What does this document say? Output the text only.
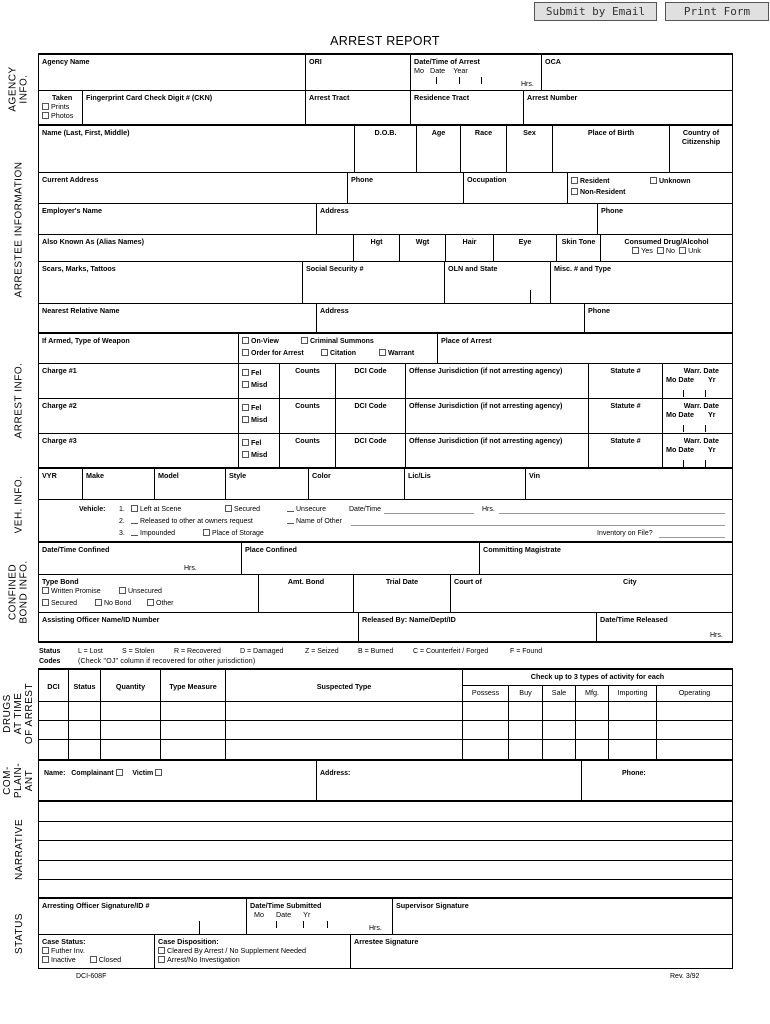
Submit by Email	Print Form
ARREST REPORT
AGENCY
INFO.
Agency Name	ORI	Date/Time of Arrest
Mo Date Year
Hrs.
OCA
Taken
Prints
Photos
Fingerprint Card Check Digit # (CKN)	Arrest Tract	Residence Tract	Arrest Number
ARRESTEE INFORMATION
Name (Last, First, Middle)	D.O.B.	Age	Race	Sex	Place of Birth	Country of Citizenship
Current Address	Phone	Occupation	Resident	Unknown
Non-Resident
Employer's Name	Address	Phone
Also Known As (Alias Names)	Hgt	Wgt	Hair	Eye	Skin Tone	Consumed Drug/Alcohol
Yes No Unk
Scars, Marks, Tattoos	Social Security #	OLN and State	Misc. # and Type
Nearest Relative Name	Address	Phone
ARREST INFO.
If Armed, Type of Weapon	On-View	Criminal Summons
Order for Arrest	Citation	Warrant
Place of Arrest
Charge #1	Fel
Misd
Counts	DCI Code	Offense Jurisdiction (if not arresting agency)	Statute #	Warr. Date
Mo Date Yr
Charge #2	Fel
Misd
Counts	DCI Code	Offense Jurisdiction (if not arresting agency)	Statute #	Warr. Date
Mo Date Yr
Charge #3	Fel
Misd
Counts	DCI Code	Offense Jurisdiction (if not arresting agency)	Statute #	Warr. Date
Mo Date Yr
VEH. INFO.
VYR	Make	Model	Style	Color	Lic/Lis	Vin
Vehicle: 1.
2.
3.
Left at Scene	Secured	Unsecure	Date/Time	Hrs.
Released to other at owners request	Name of Other
Impounded	Place of Storage	Inventory on File?
CONFINED
BOND INFO.
Date/Time Confined
Hrs.
Place Confined	Committing Magistrate
Type Bond
Written Promise	Unsecured
Secured	No Bond	Other
Amt. Bond	Trial Date	Court of	City
Assisting Officer Name/ID Number	Released By: Name/Dept/ID	Date/Time Released
Hrs.
Status
Codes
L = Lost	S = Stolen	R = Recovered	D = Damaged	Z = Seized	B = Burned	C = Counterfeit / Forged	F = Found
(Check "OJ" column if recovered for other jurisdiction)
DRUGS
AT TIME
OF ARREST	DCI	Status	Quantity	Type Measure	Suspected Type
Check up to 3 types of activity for each
Possess	Buy	Sale	Mfg.	Importing	Operating
COM-
PLAIN-
ANT Name: Complainant	Victim	Address:	Phone:
NARRATIVE
STATUS
Arresting Officer Signature/ID #	Date/Time Submitted
Mo Date Yr
Hrs.
Supervisor Signature
Case Status:
Futher Inv.
Inactive	Closed
Case Disposition:
Cleared By Arrest / No Supplement Needed
Arrest/No Investigation
Arrestee Signature
DCI-608F	Rev. 3/92
